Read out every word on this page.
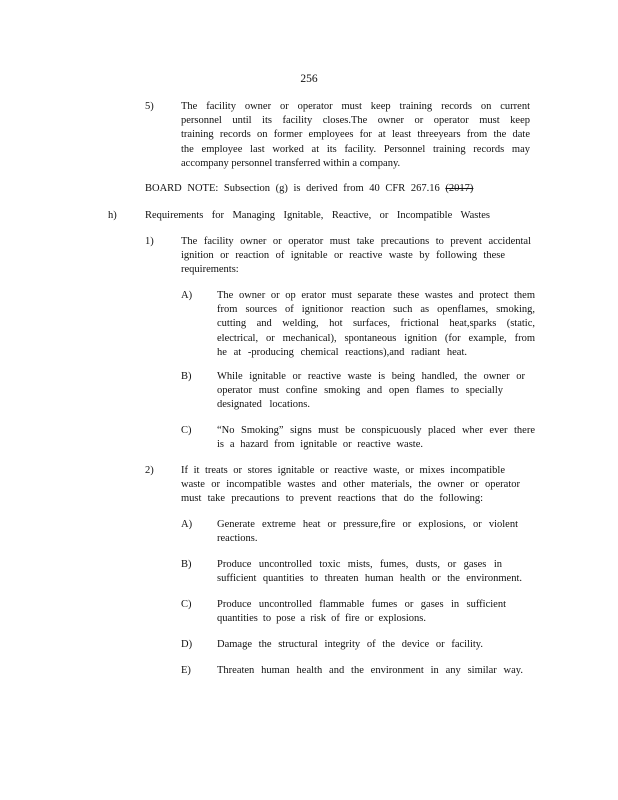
256
5)	The facility owner or operator must keep training records on current
personnel until its facility closes.The owner or operator must keep
training records on former employees for at least threeyears from the date
the employee last worked at its facility. Personnel training records may
accompany personnel transferred within a company.
BOARD NOTE: Subsection (g) is derived from 40 CFR 267.16 (2017)
h)	Requirements for Managing Ignitable, Reactive, or Incompatible Wastes
1)	The facility owner or operator must take precautions to prevent accidental
ignition or reaction of ignitable or reactive waste by following these
requirements:
A)	The owner or op erator must separate these wastes and protect them
from sources of ignitionor reaction such as openflames, smoking,
cutting and welding, hot surfaces, frictional heat,sparks (static,
electrical, or mechanical), spontaneous ignition (for example, from
he at -producing chemical reactions),and radiant heat.
B)	While ignitable or reactive waste is being handled, the owner or
operator must confine smoking and open flames to specially
designated locations.
C)	“No Smoking” signs must be conspicuously placed wher ever there
is a hazard from ignitable or reactive waste.
2)	If it treats or stores ignitable or reactive waste, or mixes incompatible
waste or incompatible wastes and other materials, the owner or operator
must take precautions to prevent reactions that do the following:
A)	Generate extreme heat or pressure,fire or explosions, or violent
reactions.
B)	Produce uncontrolled toxic mists, fumes, dusts, or gases in
sufficient quantities to threaten human health or the environment.
C)	Produce uncontrolled flammable fumes or gases in sufficient
quantities to pose a risk of fire or explosions.
D)	Damage the structural integrity of the device or facility.
E)	Threaten human health and the environment in any similar way.
